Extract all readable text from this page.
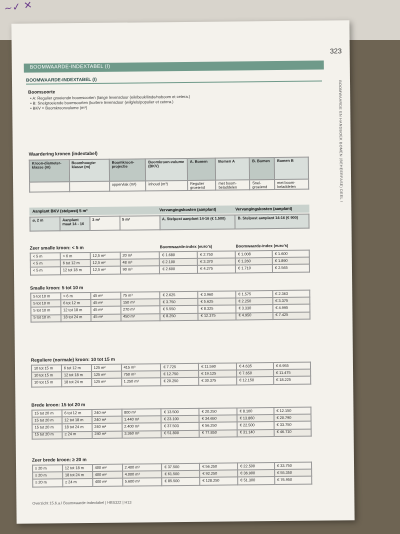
~✓ ✕
323
BOOMWAARDE-INDEXTABEL (I)
BOOMWAARDE-INDEXTABEL (I)
Boomsoorte
• A: Regulier groeiende boomsoorten (lange levensduur (eik/beuk/linde/noboom et cetera.)
• B: Snelgroeiende boomsoorten (kortere levensduur (wilg/els/populier et cetera.)
• BKV = Boomkroonvolume (m³)
Waardering kronen (indextabel)
Kroon-diameter-klasse (m)	Boomhoogte-klasse (m)	Boomkroon-projectie	Boomkroon-volume (BKV)	A. Bomen	Bomen A	B. Bomen	Bomen B
		oppervlak (m²)	inhoud (m³)	Regulier groeiend	met boom-beladdelen	Snel-groeiend	met boom-beladdelen
Aanplant BKV (stelpost) 5 m³	Vervangingskosten (aanplant)	Vervangingskosten (aanplant)
ø, 2 m	Aanplant maat 14 - 16	3 m²	5 m³	A. Stelpost aanplant 14-16 (€ 1.500)	B. Stelpost aanplant 14-16 (€ 900)
Boomwaarde-index (euro's)	Boomwaarde-index (euro's)
Zeer smalle kroon: < 5 m
< 5 m	< 6 m	12,5 m²	20 m³	€ 1.680	€ 2.750	€ 1.008	€ 1.600
< 5 m	6 tot 12 m	12,5 m²	48 m³	€ 2.100	€ 3.370	€ 1.260	€ 1.890
< 5 m	12 tot 18 m	12,5 m²	90 m³	€ 2.600	€ 4.275	€ 1.710	€ 2.565
Smalle kroon: 5 tot 10 m
5 tot 10 m	< 6 m	45 m²	75 m³	€ 2.625	€ 3.960	€ 1.575	€ 2.363
5 tot 10 m	6 tot 12 m	45 m²	150 m³	€ 3.750	€ 5.625	€ 2.250	€ 3.375
5 tot 10 m	12 tot 18 m	45 m²	270 m³	€ 5.550	€ 8.325	€ 3.330	€ 4.995
5 tot 10 m	18 tot 24 m	45 m²	450 m³	€ 8.250	€ 12.375	€ 4.950	€ 7.425
Reguliere (normale) kroon: 10 tot 15 m
10 tot 15 m	6 tot 12 m	125 m²	415 m³	€ 7.725	€ 11.590	€ 4.635	€ 6.955
10 tot 15 m	12 tot 18 m	125 m²	750 m³	€ 12.750	€ 19.125	€ 7.650	€ 11.475
10 tot 15 m	18 tot 24 m	125 m²	1.250 m³	€ 20.250	€ 30.375	€ 12.150	€ 18.225
Brede kroon: 15 tot 20 m
15 tot 20 m	6 tot 12 m	240 m²	800 m³	€ 13.500	€ 20.250	€ 8.100	€ 12.150
15 tot 20 m	12 tot 18 m	240 m²	1.440 m³	€ 23.100	€ 34.650	€ 13.860	€ 20.790
15 tot 20 m	18 tot 24 m	240 m²	2.400 m³	€ 37.503	€ 56.250	€ 22.500	€ 33.750
15 tot 20 m	≥ 24 m	240 m²	3.360 m³	€ 51.800	€ 77.850	€ 31.140	€ 46.710
Zeer brede kroon: ≥ 20 m
≥ 20 m	12 tot 18 m	400 m²	2.400 m³	€ 37.500	€ 56.250	€ 22.500	€ 33.750
≥ 20 m	18 tot 24 m	400 m²	4.000 m³	€ 61.500	€ 92.250	€ 36.900	€ 55.350
≥ 20 m	≥ 24 m	400 m²	5.600 m³	€ 85.500	€ 128.250	€ 51.300	€ 76.950
Overzicht 15.6.a.I Boomwaarde-indextabel | HBS322 | H13
BOOMWAARDE EN HANDBOEK BOMEN (BEHEERFASE) DEEL I
